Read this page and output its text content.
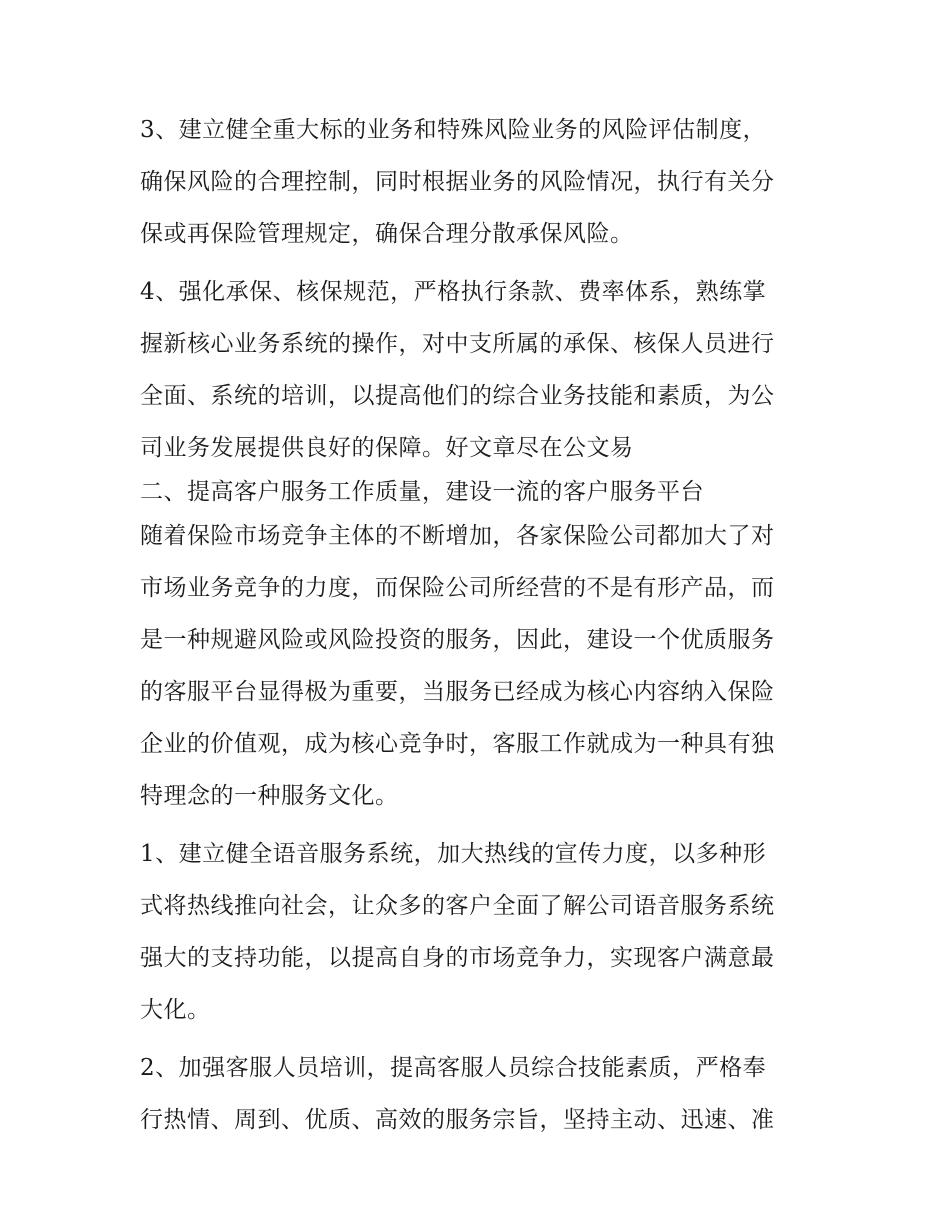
3、建立健全重大标的业务和特殊风险业务的风险评估制度，
确保风险的合理控制，同时根据业务的风险情况，执行有关分
保或再保险管理规定，确保合理分散承保风险。
4、强化承保、核保规范，严格执行条款、费率体系，熟练掌
握新核心业务系统的操作，对中支所属的承保、核保人员进行
全面、系统的培训，以提高他们的综合业务技能和素质，为公
司业务发展提供良好的保障。好文章尽在公文易
二、提高客户服务工作质量，建设一流的客户服务平台
随着保险市场竞争主体的不断增加，各家保险公司都加大了对
市场业务竞争的力度，而保险公司所经营的不是有形产品，而
是一种规避风险或风险投资的服务，因此，建设一个优质服务
的客服平台显得极为重要，当服务已经成为核心内容纳入保险
企业的价值观，成为核心竞争时，客服工作就成为一种具有独
特理念的一种服务文化。
1、建立健全语音服务系统，加大热线的宣传力度，以多种形
式将热线推向社会，让众多的客户全面了解公司语音服务系统
强大的支持功能，以提高自身的市场竞争力，实现客户满意最
大化。
2、加强客服人员培训，提高客服人员综合技能素质，严格奉
行热情、周到、优质、高效的服务宗旨，坚持主动、迅速、准
